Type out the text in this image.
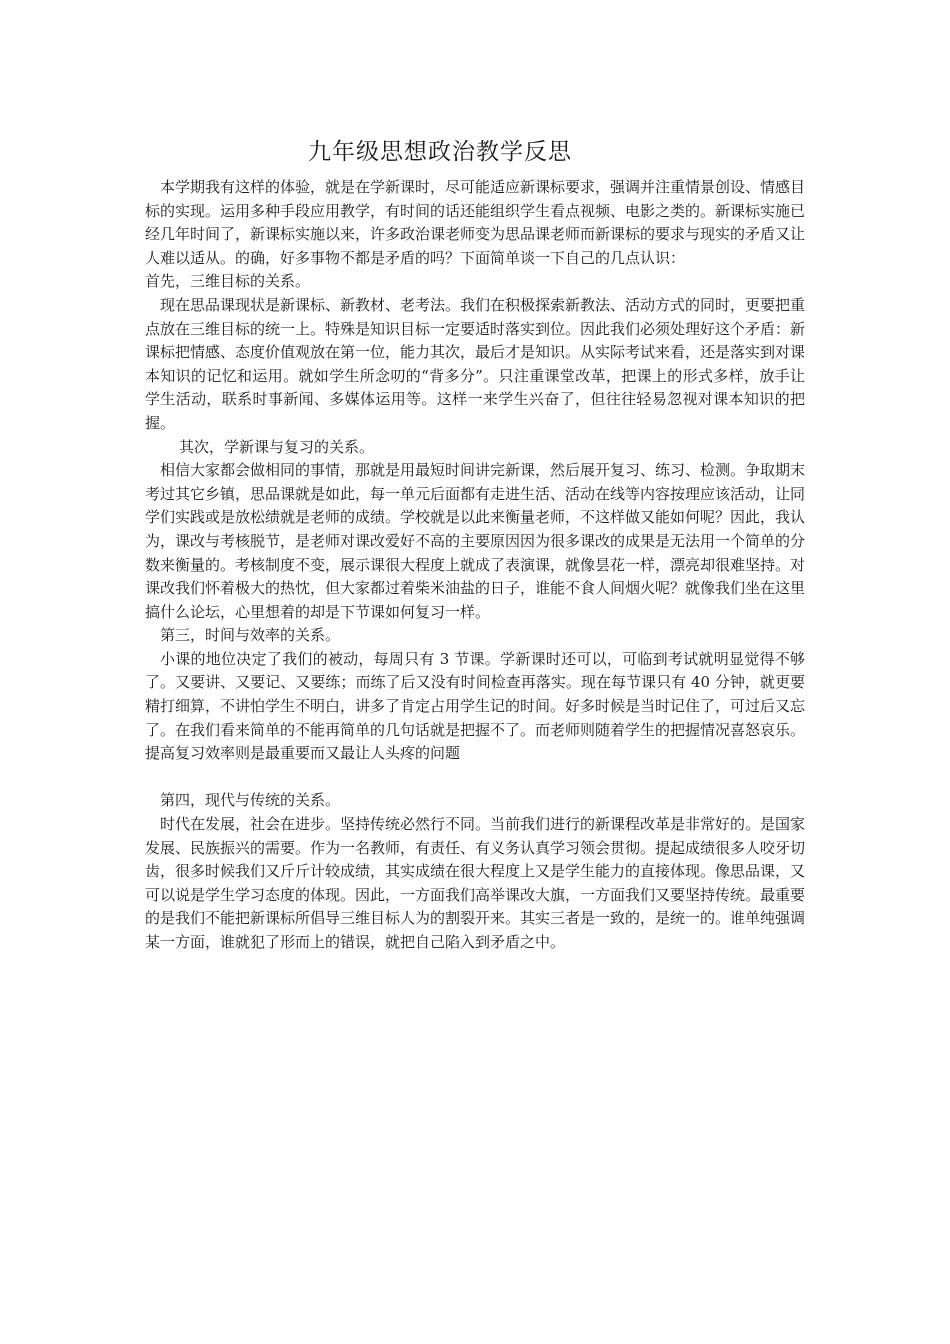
九年级思想政治教学反思

本学期我有这样的体验，就是在学新课时，尽可能适应新课标要求，强调并注重情景创设、情感目标的实现。运用多种手段应用教学，有时间的话还能组织学生看点视频、电影之类的。新课标实施已经几年时间了，新课标实施以来，许多政治课老师变为思品课老师而新课标的要求与现实的矛盾又让人难以适从。的确，好多事物不都是矛盾的吗？下面简单谈一下自己的几点认识：

首先，三维目标的关系。

现在思品课现状是新课标、新教材、老考法。我们在积极探索新教法、活动方式的同时，更要把重点放在三维目标的统一上。特殊是知识目标一定要适时落实到位。因此我们必须处理好这个矛盾：新课标把情感、态度价值观放在第一位，能力其次，最后才是知识。从实际考试来看，还是落实到对课本知识的记忆和运用。就如学生所念叨的“背多分”。只注重课堂改革，把课上的形式多样，放手让学生活动，联系时事新闻、多媒体运用等。这样一来学生兴奋了，但往往轻易忽视对课本知识的把握。

其次，学新课与复习的关系。

相信大家都会做相同的事情，那就是用最短时间讲完新课，然后展开复习、练习、检测。争取期末考过其它乡镇，思品课就是如此，每一单元后面都有走进生活、活动在线等内容按理应该活动，让同学们实践或是放松绩就是老师的成绩。学校就是以此来衡量老师，不这样做又能如何呢？因此，我认为，课改与考核脱节，是老师对课改爱好不高的主要原因因为很多课改的成果是无法用一个简单的分数来衡量的。考核制度不变，展示课很大程度上就成了表演课，就像昙花一样，漂亮却很难坚持。对课改我们怀着极大的热忱，但大家都过着柴米油盐的日子，谁能不食人间烟火呢？就像我们坐在这里搞什么论坛，心里想着的却是下节课如何复习一样。

第三，时间与效率的关系。

小课的地位决定了我们的被动，每周只有 3 节课。学新课时还可以，可临到考试就明显觉得不够了。又要讲、又要记、又要练；而练了后又没有时间检查再落实。现在每节课只有 40 分钟，就更要精打细算，不讲怕学生不明白，讲多了肯定占用学生记的时间。好多时候是当时记住了，可过后又忘了。在我们看来简单的不能再简单的几句话就是把握不了。而老师则随着学生的把握情况喜怒哀乐。提高复习效率则是最重要而又最让人头疼的问题

第四，现代与传统的关系。

时代在发展，社会在进步。坚持传统必然行不同。当前我们进行的新课程改革是非常好的。是国家发展、民族振兴的需要。作为一名教师，有责任、有义务认真学习领会贯彻。提起成绩很多人咬牙切齿，很多时候我们又斤斤计较成绩，其实成绩在很大程度上又是学生能力的直接体现。像思品课，又可以说是学生学习态度的体现。因此，一方面我们高举课改大旗，一方面我们又要坚持传统。最重要的是我们不能把新课标所倡导三维目标人为的割裂开来。其实三者是一致的，是统一的。谁单纯强调某一方面，谁就犯了形而上的错误，就把自己陷入到矛盾之中。
